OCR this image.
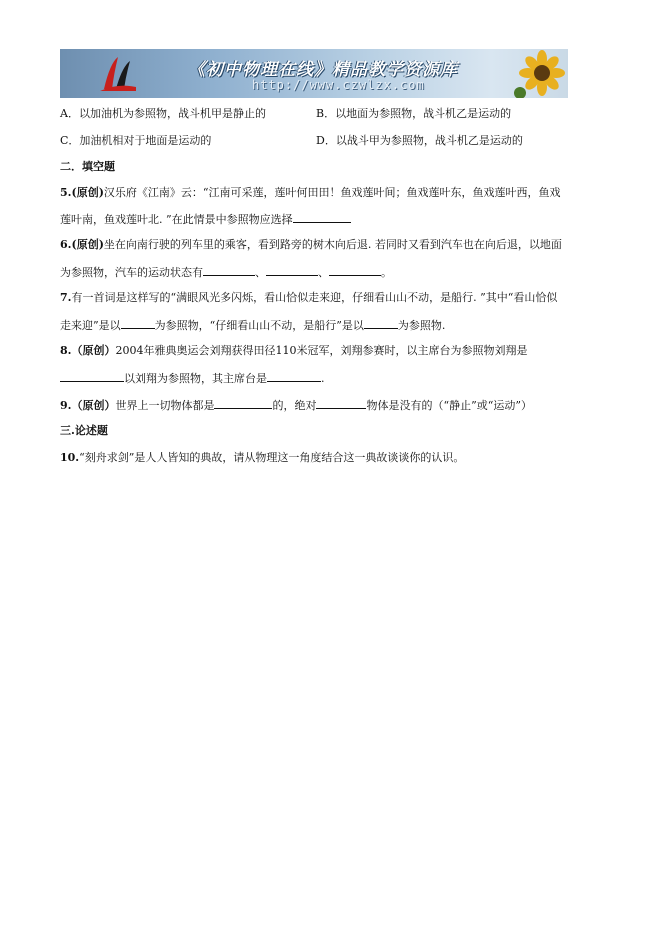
《初中物理在线》精品教学资源库
http://www.czwlzx.com
A．以加油机为参照物，战斗机甲是静止的	B．以地面为参照物，战斗机乙是运动的
C．加油机相对于地面是运动的	D．以战斗甲为参照物，战斗机乙是运动的
二．填空题
5.(原创)汉乐府《江南》云：“江南可采莲，莲叶何田田！鱼戏莲叶间；鱼戏莲叶东，鱼戏莲叶西，鱼戏
莲叶南，鱼戏莲叶北. ”在此情景中参照物应选择
6.(原创)坐在向南行驶的列车里的乘客，看到路旁的树木向后退. 若同时又看到汽车也在向后退，以地面
为参照物，汽车的运动状态有	、	、	。
7.有一首词是这样写的“满眼风光多闪烁，看山恰似走来迎，仔细看山山不动，是船行. ”其中“看山恰似
走来迎”是以	为参照物，“仔细看山山不动，是船行”是以	为参照物.
8.（原创）2004年雅典奥运会刘翔获得田径110米冠军，刘翔参赛时，以主席台为参照物刘翔是
以刘翔为参照物，其主席台是	.
9.（原创）世界上一切物体都是	的，绝对	物体是没有的（“静止”或“运动”）
三.论述题
10.“刻舟求剑”是人人皆知的典故，请从物理这一角度结合这一典故谈谈你的认识。
